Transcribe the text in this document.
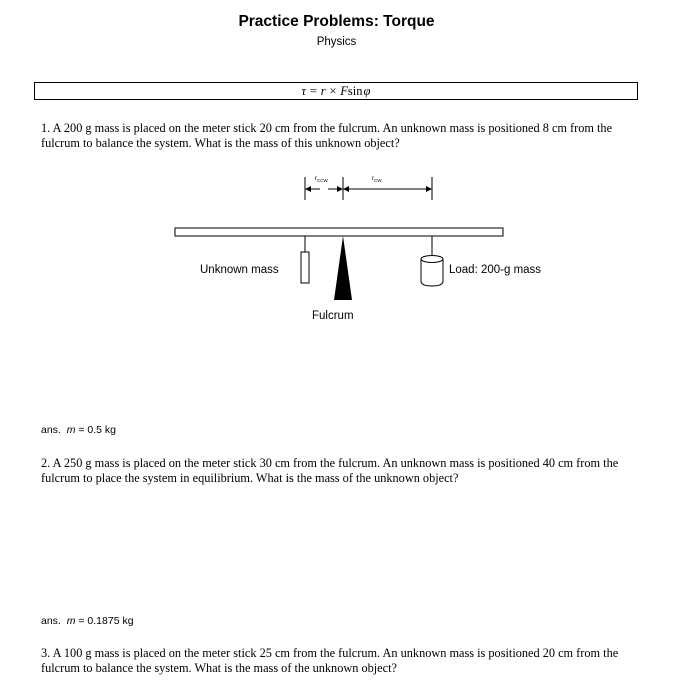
Practice Problems: Torque
Physics
τ = r × Fsin φ
1. A 200 g mass is placed on the meter stick 20 cm from the fulcrum. An unknown mass is positioned 8 cm from the fulcrum to balance the system. What is the mass of this unknown object?
$r_{CCW}$	$r_{CW}$
Unknown mass	Load: 200-g mass
Fulcrum
ans. m = 0.5 kg
2. A 250 g mass is placed on the meter stick 30 cm from the fulcrum. An unknown mass is positioned 40 cm from the fulcrum to place the system in equilibrium. What is the mass of the unknown object?
ans. m = 0.1875 kg
3. A 100 g mass is placed on the meter stick 25 cm from the fulcrum. An unknown mass is positioned 20 cm from the fulcrum to balance the system. What is the mass of the unknown object?
